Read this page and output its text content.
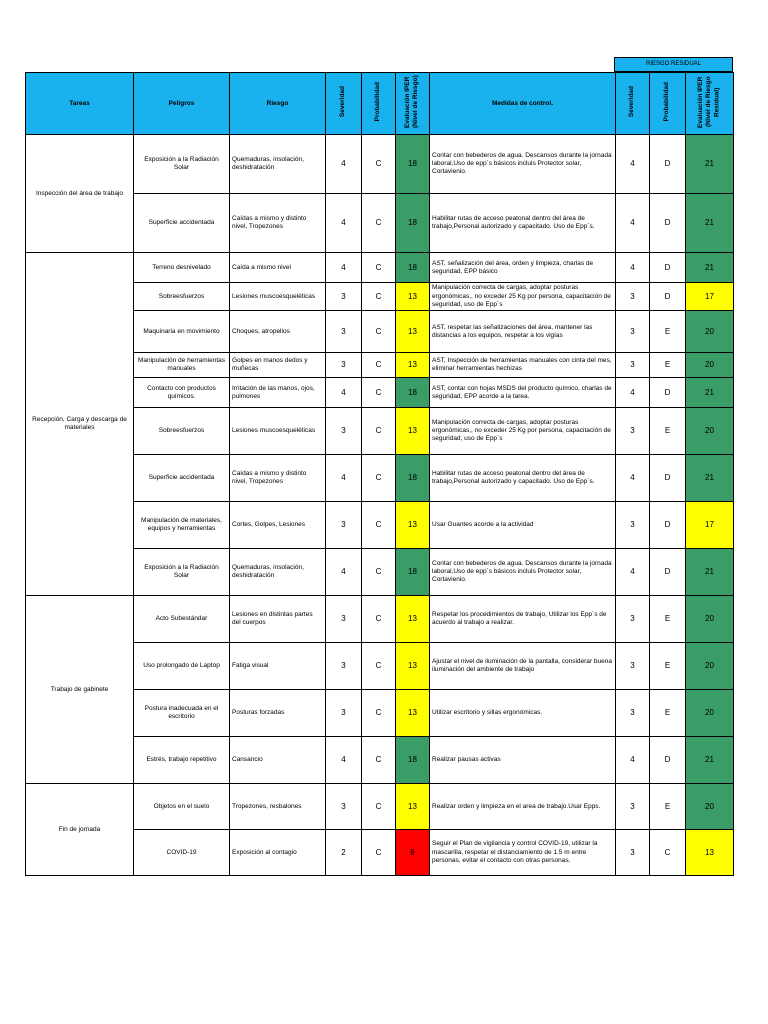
RIESGO RESIDUAL
Tareas	Peligros	Riesgo	Severidad	Probabilidad	Evaluación IPER (Nivel de Riesgo)	Medidas de control.	Severidad	Probabilidad	Evaluación IPER (Nivel de Riesgo Residual)
Inspección del área de trabajo	Exposición a la Radiación Solar	Quemaduras, insolación, deshidratación	4	C	18	Contar con bebederos de agua. Descansos durante la jornada laboral,Uso de epp´s básicos incluis Protector solar, Cortavienio.	4	D	21
	Superficie accidentada	Caídas a mismo y distinto nivel, Tropezones	4	C	18	Habilitar rutas de acceso peatonal dentro del área de trabajo,Personal autorizado y capacitado. Uso de Epp´s.	4	D	21
Recepción, Carga y descarga de materiales	Terreno desnivelado	Caída a mismo nivel	4	C	18	AST, señalización del área, orden y limpieza, charlas de seguridad, EPP básico	4	D	21
	Sobreesfuerzos	Lesiones muscoesqueléticas	3	C	13	Manipulación correcta de cargas, adoptar posturas ergonómicas,, no exceder 25 Kg por persona, capacitación de seguridad, uso de Epp´s	3	D	17
	Maquinaria en movimiento	Choques, atropellos	3	C	13	AST, respetar las señalizaciones del área, mantener las distancias a los equipos, respetar a los vigías	3	E	20
	Manipulación de herramientas manuales	Golpes en manos dedos y muñecas	3	C	13	AST, Inspección de herramientas manuales con cinta del mes, eliminar herramientas hechizas	3	E	20
	Contacto con productos químicos.	Irritación de las manos, ojos, pulmones	4	C	18	AST, contar con hojas MSDS del producto químico, charlas de seguridad, EPP acorde a la tarea.	4	D	21
	Sobreesfuerzos	Lesiones muscoesqueléticas	3	C	13	Manipulación correcta de cargas, adoptar posturas ergonómicas,, no exceder 25 Kg por persona, capacitación de seguridad, uso de Epp´s	3	E	20
	Superficie accidentada	Caídas a mismo y distinto nivel, Tropezones	4	C	18	Habilitar rutas de acceso peatonal dentro del área de trabajo,Personal autorizado y capacitado. Uso de Epp´s.	4	D	21
	Manipulación de materiales, equipos y herramientas	Cortes, Golpes, Lesiones	3	C	13	Usar Guantes acorde a la actividad	3	D	17
	Exposición a la Radiación Solar	Quemaduras, insolación, deshidratación	4	C	18	Contar con bebederos de agua. Descansos durante la jornada laboral,Uso de epp´s básicos incluis Protector solar, Cortavienio.	4	D	21
Trabajo de gabinete	Acto Subestándar	Lesiones en distintas partes del cuerpos	3	C	13	Respetar los procedimientos de trabajo, Utilizar los Epp´s de acuerdo al trabajo a realizar.	3	E	20
	Uso prolongado de Laptop	Fatiga visual	3	C	13	Ajustar el nivel de iluminación de la pantalla, considerar buena iluminación del ambiente de trabajo	3	E	20
	Postura inadecuada en el escritorio	Posturas forzadas	3	C	13	Utilizar escritorio y sillas ergonómicas.	3	E	20
	Estrés, trabajo repetitivo	Cansancio	4	C	18	Realizar pausas activas	4	D	21
Fin de jornada	Objetos en el suelo	Tropezones, resbalones	3	C	13	Realizar orden y limpieza en el area de trabajo.Usar Epps.	3	E	20
	COVID-19	Exposición al contagio	2	C	8	Seguir el Plan de vigilancia y control COVID-19, utilizar la mascarilla, respetar el distanciamiento de 1.5 m entre personas, evitar el contacto con otras personas.	3	C	13
